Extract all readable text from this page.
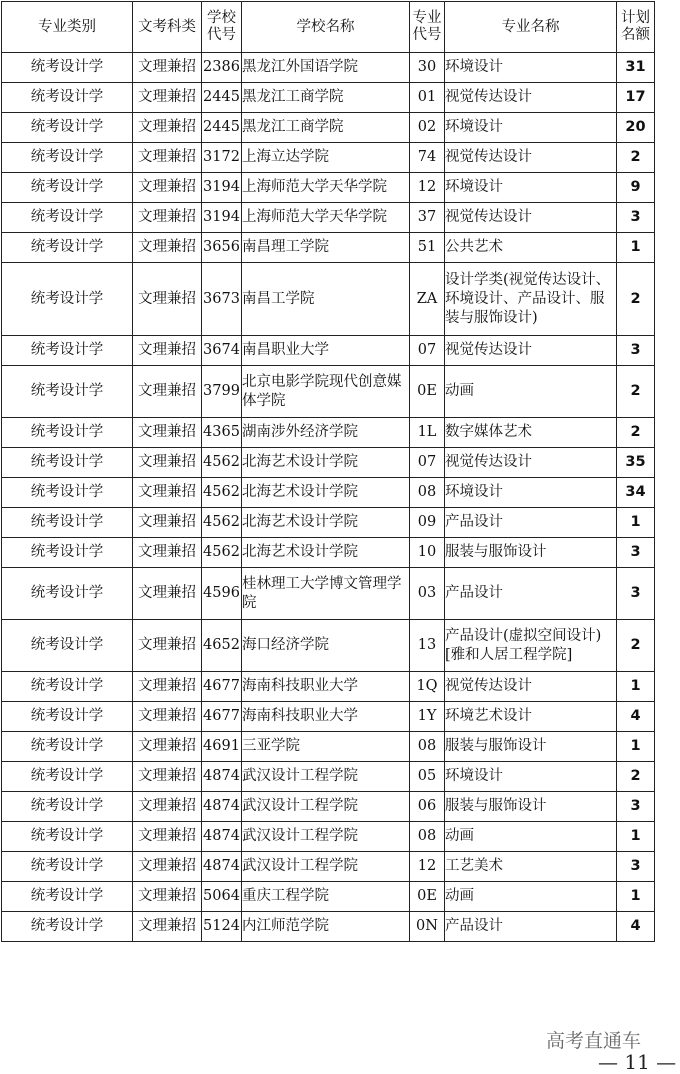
专业类别	文考科类	学校代号	学校名称	专业代号	专业名称	计划名额
统考设计学	文理兼招	2386	黑龙江外国语学院	30	环境设计	31
统考设计学	文理兼招	2445	黑龙江工商学院	01	视觉传达设计	17
统考设计学	文理兼招	2445	黑龙江工商学院	02	环境设计	20
统考设计学	文理兼招	3172	上海立达学院	74	视觉传达设计	2
统考设计学	文理兼招	3194	上海师范大学天华学院	12	环境设计	9
统考设计学	文理兼招	3194	上海师范大学天华学院	37	视觉传达设计	3
统考设计学	文理兼招	3656	南昌理工学院	51	公共艺术	1
统考设计学	文理兼招	3673	南昌工学院	ZA	设计学类(视觉传达设计、环境设计、产品设计、服装与服饰设计)	2
统考设计学	文理兼招	3674	南昌职业大学	07	视觉传达设计	3
统考设计学	文理兼招	3799	北京电影学院现代创意媒体学院	0E	动画	2
统考设计学	文理兼招	4365	湖南涉外经济学院	1L	数字媒体艺术	2
统考设计学	文理兼招	4562	北海艺术设计学院	07	视觉传达设计	35
统考设计学	文理兼招	4562	北海艺术设计学院	08	环境设计	34
统考设计学	文理兼招	4562	北海艺术设计学院	09	产品设计	1
统考设计学	文理兼招	4562	北海艺术设计学院	10	服装与服饰设计	3
统考设计学	文理兼招	4596	桂林理工大学博文管理学院	03	产品设计	3
统考设计学	文理兼招	4652	海口经济学院	13	产品设计(虚拟空间设计)[雅和人居工程学院]	2
统考设计学	文理兼招	4677	海南科技职业大学	1Q	视觉传达设计	1
统考设计学	文理兼招	4677	海南科技职业大学	1Y	环境艺术设计	4
统考设计学	文理兼招	4691	三亚学院	08	服装与服饰设计	1
统考设计学	文理兼招	4874	武汉设计工程学院	05	环境设计	2
统考设计学	文理兼招	4874	武汉设计工程学院	06	服装与服饰设计	3
统考设计学	文理兼招	4874	武汉设计工程学院	08	动画	1
统考设计学	文理兼招	4874	武汉设计工程学院	12	工艺美术	3
统考设计学	文理兼招	5064	重庆工程学院	0E	动画	1
统考设计学	文理兼招	5124	内江师范学院	0N	产品设计	4
高考直通车
— 11 —
